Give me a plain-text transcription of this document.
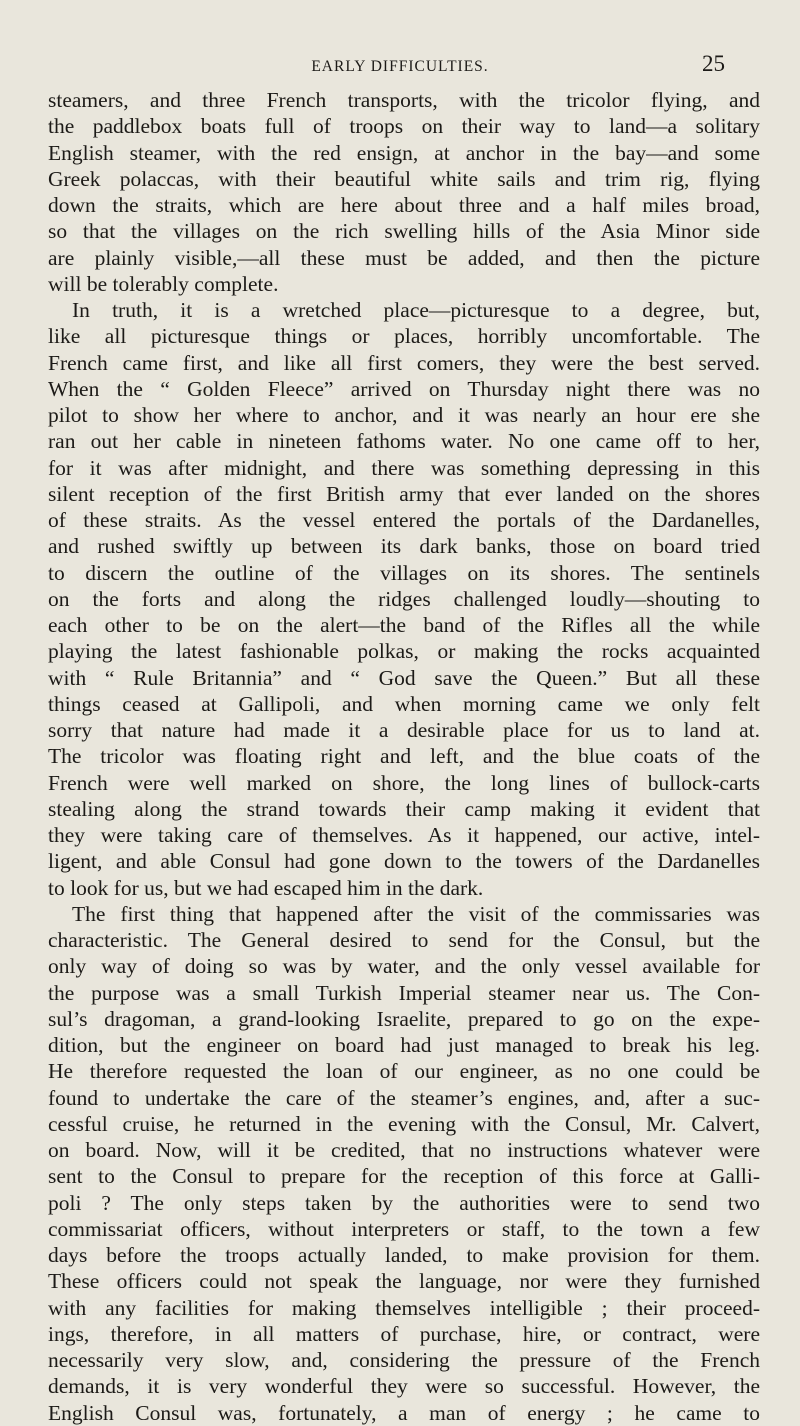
EARLY DIFFICULTIES.	25
steamers, and three French transports, with the tricolor flying, and
the paddlebox boats full of troops on their way to land—a solitary
English steamer, with the red ensign, at anchor in the bay—and some
Greek polaccas, with their beautiful white sails and trim rig, flying
down the straits, which are here about three and a half miles broad,
so that the villages on the rich swelling hills of the Asia Minor side
are plainly visible,—all these must be added, and then the picture
will be tolerably complete.
In truth, it is a wretched place—picturesque to a degree, but,
like all picturesque things or places, horribly uncomfortable. The
French came first, and like all first comers, they were the best served.
When the “ Golden Fleece” arrived on Thursday night there was no
pilot to show her where to anchor, and it was nearly an hour ere she
ran out her cable in nineteen fathoms water. No one came off to her,
for it was after midnight, and there was something depressing in this
silent reception of the first British army that ever landed on the shores
of these straits. As the vessel entered the portals of the Dardanelles,
and rushed swiftly up between its dark banks, those on board tried
to discern the outline of the villages on its shores. The sentinels
on the forts and along the ridges challenged loudly—shouting to
each other to be on the alert—the band of the Rifles all the while
playing the latest fashionable polkas, or making the rocks acquainted
with “ Rule Britannia” and “ God save the Queen.” But all these
things ceased at Gallipoli, and when morning came we only felt
sorry that nature had made it a desirable place for us to land at.
The tricolor was floating right and left, and the blue coats of the
French were well marked on shore, the long lines of bullock-carts
stealing along the strand towards their camp making it evident that
they were taking care of themselves. As it happened, our active, intel-
ligent, and able Consul had gone down to the towers of the Dardanelles
to look for us, but we had escaped him in the dark.
The first thing that happened after the visit of the commissaries was
characteristic. The General desired to send for the Consul, but the
only way of doing so was by water, and the only vessel available for
the purpose was a small Turkish Imperial steamer near us. The Con-
sul’s dragoman, a grand-looking Israelite, prepared to go on the expe-
dition, but the engineer on board had just managed to break his leg.
He therefore requested the loan of our engineer, as no one could be
found to undertake the care of the steamer’s engines, and, after a suc-
cessful cruise, he returned in the evening with the Consul, Mr. Calvert,
on board. Now, will it be credited, that no instructions whatever were
sent to the Consul to prepare for the reception of this force at Galli-
poli ? The only steps taken by the authorities were to send two
commissariat officers, without interpreters or staff, to the town a few
days before the troops actually landed, to make provision for them.
These officers could not speak the language, nor were they furnished
with any facilities for making themselves intelligible ; their proceed-
ings, therefore, in all matters of purchase, hire, or contract, were
necessarily very slow, and, considering the pressure of the French
demands, it is very wonderful they were so successful. However, the
English Consul was, fortunately, a man of energy ; he came to
